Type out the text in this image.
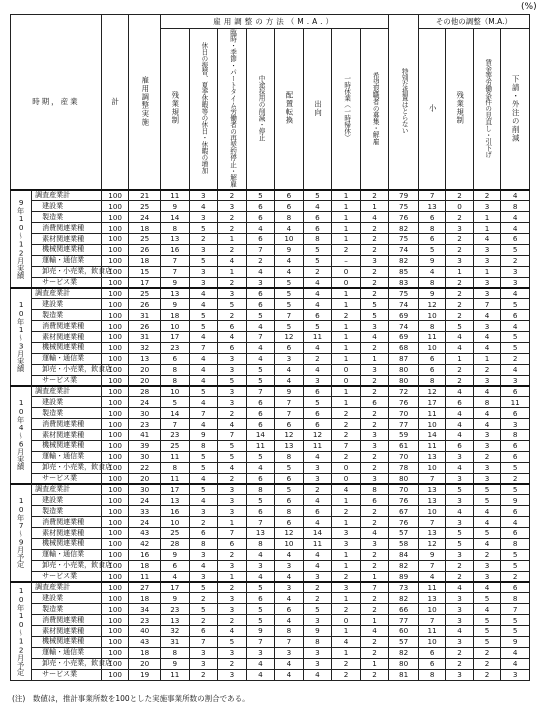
(%)
時期，産業		計	雇用調整実施	雇用調整の方法（M.A.）								特別な措置はとらない	その他の調整（M.A.）			
				残業規制	休日の振替、夏季休暇等の休日・休暇の増加	臨時・季節・パートタイム労働者の再契約停止・解雇	中途採用の削減・停止	配置転換	出向	一時休業（一時帰休）	希望退職者の募集・解雇		小	残業規制	賃金等労働条件の見直し・引下げ	下請・外注の削減
9年10～12月実績	調査産業計	100	21	11	3	2	5	6	5	1	2	79	7	2	2	4
	建設業	100	25	9	4	3	6	6	4	1	1	75	13	0	3	8
	製造業	100	24	14	3	2	6	8	6	1	4	76	6	2	1	4
	消費関連業種	100	18	8	5	2	4	4	6	1	2	82	8	3	1	4
	素材関連業種	100	25	13	2	1	6	10	8	1	2	75	6	2	4	6
	機械関連業種	100	26	16	3	2	7	9	5	2	2	74	5	2	3	5
	運輸・通信業	100	18	7	5	4	2	4	5	–	3	82	9	3	3	2
	卸売・小売業，飲食店	100	15	7	3	1	4	4	2	0	2	85	4	1	1	3
	サービス業	100	17	9	3	2	3	5	4	0	2	83	8	2	3	3
10年1～3月実績	調査産業計	100	25	13	4	3	6	5	4	1	2	75	9	2	3	4
	建設業	100	26	9	4	5	6	5	4	1	5	74	12	2	7	5
	製造業	100	31	18	5	2	5	7	6	2	5	69	10	2	4	6
	消費関連業種	100	26	10	5	6	4	5	5	1	3	74	8	5	3	4
	素材関連業種	100	31	17	4	4	7	12	11	1	4	69	11	4	4	5
	機械関連業種	100	32	23	7	6	4	6	4	1	2	68	10	4	4	5
	運輸・通信業	100	13	6	4	3	4	3	2	1	1	87	6	1	1	2
	卸売・小売業，飲食店	100	20	8	4	3	5	4	4	0	3	80	6	2	2	4
	サービス業	100	20	8	4	5	5	4	3	0	2	80	8	2	3	3
10年4～6月実績	調査産業計	100	28	10	5	3	7	9	6	1	2	72	12	4	4	6
	建設業	100	24	5	4	3	6	7	5	1	6	76	17	6	8	11
	製造業	100	30	14	7	2	6	7	6	2	2	70	11	4	4	6
	消費関連業種	100	23	7	4	4	6	6	6	2	2	77	10	4	4	3
	素材関連業種	100	41	23	9	7	14	12	12	2	3	59	14	4	3	8
	機械関連業種	100	39	25	8	5	11	13	11	7	3	61	11	6	3	6
	運輸・通信業	100	30	11	5	5	5	8	4	2	2	70	13	3	2	6
	卸売・小売業，飲食店	100	22	8	5	4	4	5	3	0	2	78	10	4	3	5
	サービス業	100	20	11	4	2	6	6	3	0	3	80	7	3	3	2
10年7～9月予定	調査産業計	100	30	17	5	3	8	5	2	4	8	70	13	5	5	5
	建設業	100	24	13	4	3	5	6	4	1	6	76	13	3	5	9
	製造業	100	33	16	3	3	6	8	6	2	2	67	10	4	4	6
	消費関連業種	100	24	10	2	1	7	6	4	1	2	76	7	3	4	4
	素材関連業種	100	43	25	6	7	13	12	14	3	4	57	13	5	5	6
	機械関連業種	100	42	28	8	6	8	10	11	3	3	58	12	5	4	8
	運輸・通信業	100	16	9	3	2	4	4	4	1	2	84	9	3	2	5
	卸売・小売業，飲食店	100	18	6	4	3	3	3	4	1	2	82	7	2	3	5
	サービス業	100	11	4	3	1	4	4	3	2	1	89	4	2	3	2
10年10～12月予定	調査産業計	100	27	17	5	2	5	3	2	3	7	73	11	4	4	6
	建設業	100	18	9	2	3	6	4	2	1	2	82	13	3	5	8
	製造業	100	34	23	5	3	5	6	5	2	2	66	10	3	4	7
	消費関連業種	100	23	13	2	2	5	4	3	0	1	77	7	3	5	5
	素材関連業種	100	40	32	6	4	9	8	9	1	4	60	11	4	5	5
	機械関連業種	100	43	31	7	5	7	7	8	4	2	57	10	3	5	9
	運輸・通信業	100	18	8	3	3	3	3	3	1	2	82	6	2	2	4
	卸売・小売業，飲食店	100	20	9	3	2	4	4	3	2	1	80	6	2	2	4
	サービス業	100	19	11	2	3	4	4	4	2	2	81	8	3	2	3
(注)　数値は，推計事業所数を100とした実施事業所数の割合である。
